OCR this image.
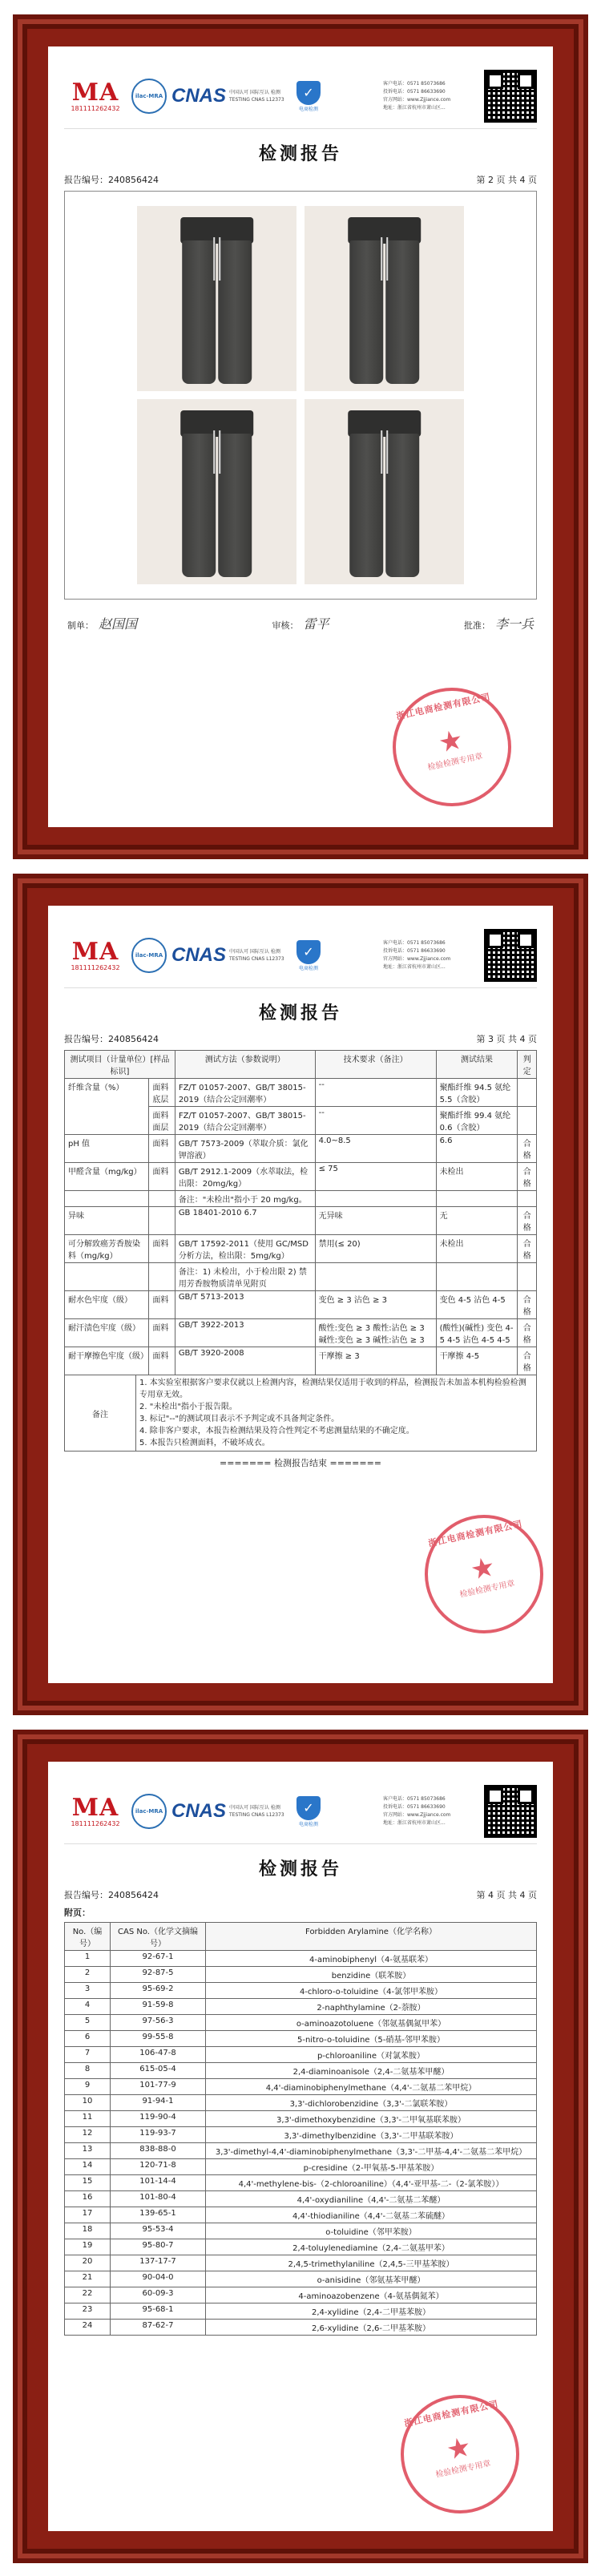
MA
181111262432
ilac-MRA CNAS 中国认可 国际互认 检测 TESTING CNAS L12373	✓
电商检测
客户电话：0571 85073686
投诉电话：0571 86633690
官方网站：www.Zjjiance.com
地址：浙江省杭州市萧山区...
检测报告
报告编号：240856424	第 2 页 共 4 页
制单： 赵国国	审核： 雷平	批准： 李一兵
浙江电商检测有限公司
★
检验检测专用章
MA
181111262432
ilac-MRA CNAS 中国认可 国际互认 检测 TESTING CNAS L12373	✓
电商检测
客户电话：0571 85073686
投诉电话：0571 86633690
官方网站：www.Zjjiance.com
地址：浙江省杭州市萧山区...
检测报告
报告编号：240856424	第 3 页 共 4 页
测试项目（计量单位）[样品标识]		测试方法（参数说明）	技术要求（备注）	测试结果	判定
纤维含量（%）	面料底层	FZ/T 01057-2007、GB/T 38015-2019（结合公定回潮率）	--	聚酯纤维 94.5 氨纶 5.5（含胶）	
	面料面层	FZ/T 01057-2007、GB/T 38015-2019（结合公定回潮率）	--	聚酯纤维 99.4 氨纶 0.6（含胶）	
pH 值	面料	GB/T 7573-2009（萃取介质：氯化钾溶液）	4.0~8.5	6.6	合格
甲醛含量（mg/kg）	面料	GB/T 2912.1-2009（水萃取法，检出限：20mg/kg）	≤ 75	未检出	合格
		备注："未检出"指小于 20 mg/kg。			
异味		GB 18401-2010 6.7	无异味	无	合格
可分解致癌芳香胺染料（mg/kg）	面料	GB/T 17592-2011（使用 GC/MSD 分析方法，检出限：5mg/kg）	禁用(≤ 20)	未检出	合格
		备注：1) 未检出，小于检出限 2) 禁用芳香胺物质清单见附页			
耐水色牢度（级）	面料	GB/T 5713-2013	变色 ≥ 3 沾色 ≥ 3	变色 4-5 沾色 4-5	合格
耐汗渍色牢度（级）	面料	GB/T 3922-2013	酸性:变色 ≥ 3 酸性:沾色 ≥ 3 碱性:变色 ≥ 3 碱性:沾色 ≥ 3	(酸性)(碱性) 变色 4-5 4-5 沾色 4-5 4-5	合格
耐干摩擦色牢度（级）	面料	GB/T 3920-2008	干摩擦 ≥ 3	干摩擦 4-5	合格
备注	
1. 本实验室根据客户要求仅就以上检测内容，检测结果仅适用于收到的样品，检测报告未加盖本机构检验检测专用章无效。
2. "未检出"指小于报告限。
3. 标记"--"的测试项目表示不予判定或不具备判定条件。
4. 除非客户要求，本报告检测结果及符合性判定不考虑测量结果的不确定度。
5. 本报告只检测面料，不破坏成衣。
======= 检测报告结束 =======
浙江电商检测有限公司
★
检验检测专用章
MA
181111262432
ilac-MRA CNAS 中国认可 国际互认 检测 TESTING CNAS L12373	✓
电商检测
客户电话：0571 85073686
投诉电话：0571 86633690
官方网站：www.Zjjiance.com
地址：浙江省杭州市萧山区...
检测报告
报告编号：240856424	第 4 页 共 4 页
附页：
No.（编号）	CAS No.（化学文摘编号）	Forbidden Arylamine（化学名称）
1	92-67-1	4-aminobiphenyl（4-氨基联苯）
2	92-87-5	benzidine（联苯胺）
3	95-69-2	4-chloro-o-toluidine（4-氯邻甲苯胺）
4	91-59-8	2-naphthylamine（2-萘胺）
5	97-56-3	o-aminoazotoluene（邻氨基偶氮甲苯）
6	99-55-8	5-nitro-o-toluidine（5-硝基-邻甲苯胺）
7	106-47-8	p-chloroaniline（对氯苯胺）
8	615-05-4	2,4-diaminoanisole（2,4-二氨基苯甲醚）
9	101-77-9	4,4'-diaminobiphenylmethane（4,4'-二氨基二苯甲烷）
10	91-94-1	3,3'-dichlorobenzidine（3,3'-二氯联苯胺）
11	119-90-4	3,3'-dimethoxybenzidine（3,3'-二甲氧基联苯胺）
12	119-93-7	3,3'-dimethylbenzidine（3,3'-二甲基联苯胺）
13	838-88-0	3,3'-dimethyl-4,4'-diaminobiphenylmethane（3,3'-二甲基-4,4'-二氨基二苯甲烷）
14	120-71-8	p-cresidine（2-甲氧基-5-甲基苯胺）
15	101-14-4	4,4'-methylene-bis-（2-chloroaniline）（4,4'-亚甲基-二-（2-氯苯胺））
16	101-80-4	4,4'-oxydianiline（4,4'-二氨基二苯醚）
17	139-65-1	4,4'-thiodianiline（4,4'-二氨基二苯硫醚）
18	95-53-4	o-toluidine（邻甲苯胺）
19	95-80-7	2,4-toluylenediamine（2,4-二氨基甲苯）
20	137-17-7	2,4,5-trimethylaniline（2,4,5-三甲基苯胺）
21	90-04-0	o-anisidine（邻氨基苯甲醚）
22	60-09-3	4-aminoazobenzene（4-氨基偶氮苯）
23	95-68-1	2,4-xylidine（2,4-二甲基苯胺）
24	87-62-7	2,6-xylidine（2,6-二甲基苯胺）
浙江电商检测有限公司
★
检验检测专用章
